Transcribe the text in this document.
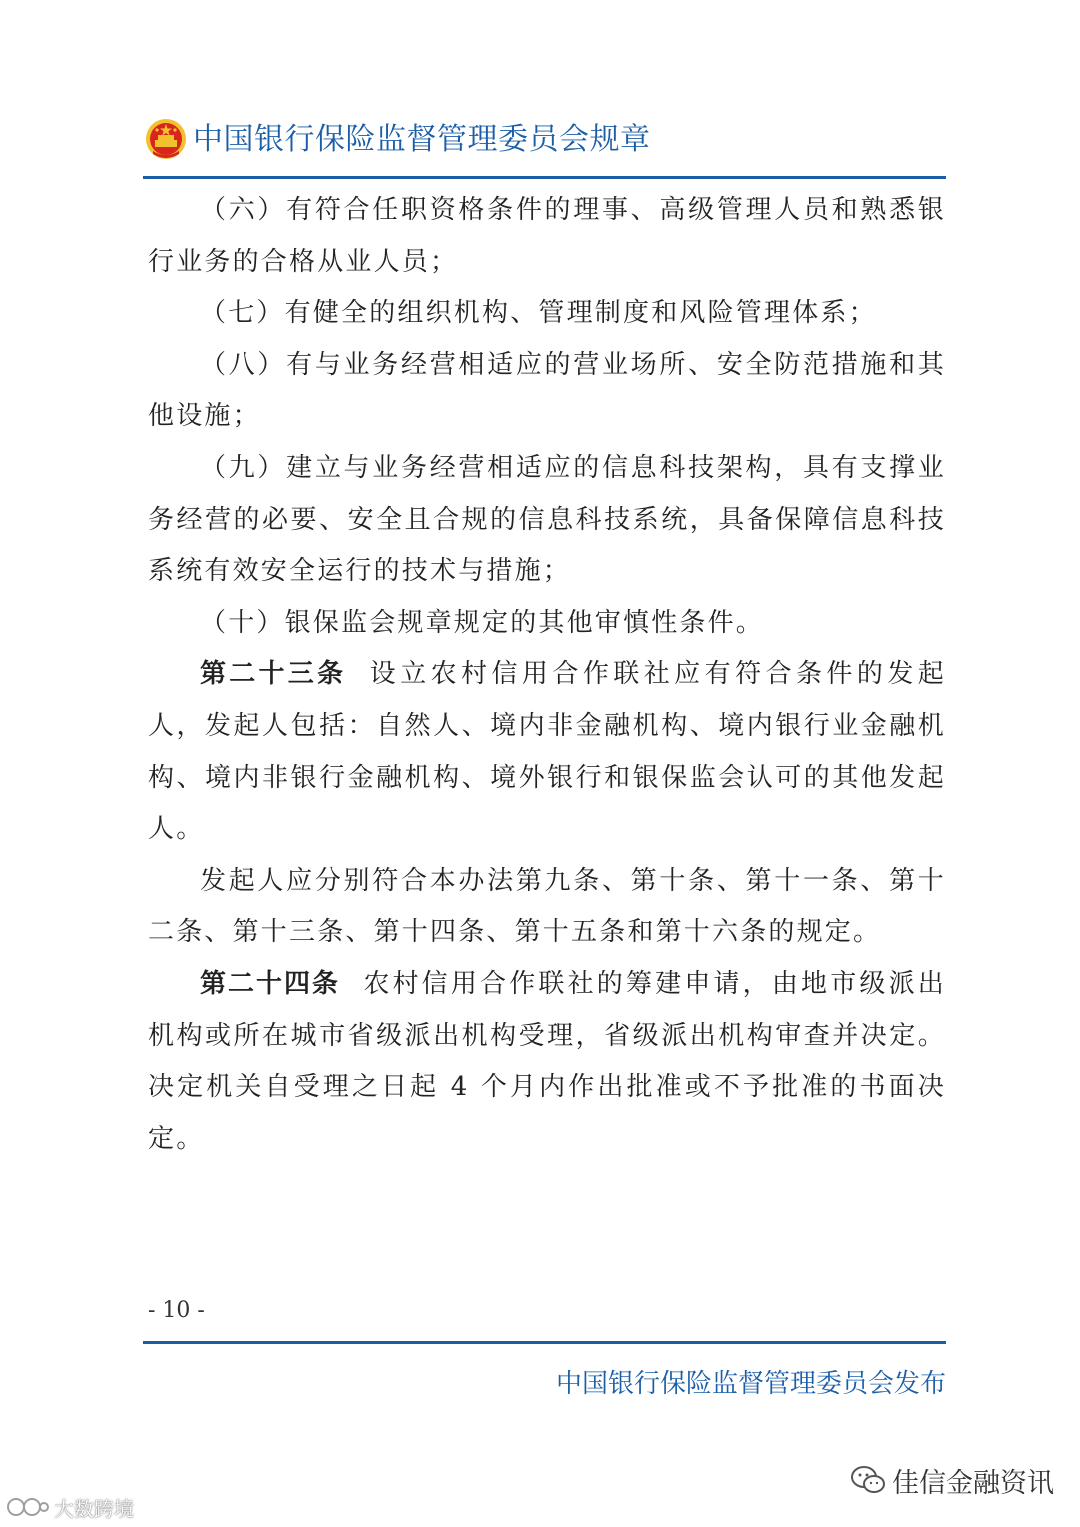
中国银行保险监督管理委员会规章

（六）有符合任职资格条件的理事、高级管理人员和熟悉银行业务的合格从业人员；

（七）有健全的组织机构、管理制度和风险管理体系；

（八）有与业务经营相适应的营业场所、安全防范措施和其他设施；

（九）建立与业务经营相适应的信息科技架构，具有支撑业务经营的必要、安全且合规的信息科技系统，具备保障信息科技系统有效安全运行的技术与措施；

（十）银保监会规章规定的其他审慎性条件。

第二十三条 设立农村信用合作联社应有符合条件的发起人，发起人包括：自然人、境内非金融机构、境内银行业金融机构、境内非银行金融机构、境外银行和银保监会认可的其他发起人。

发起人应分别符合本办法第九条、第十条、第十一条、第十二条、第十三条、第十四条、第十五条和第十六条的规定。

第二十四条 农村信用合作联社的筹建申请，由地市级派出机构或所在城市省级派出机构受理，省级派出机构审查并决定。决定机关自受理之日起 4 个月内作出批准或不予批准的书面决定。

- 10 -
中国银行保险监督管理委员会发布
佳信金融资讯
大数跨境
